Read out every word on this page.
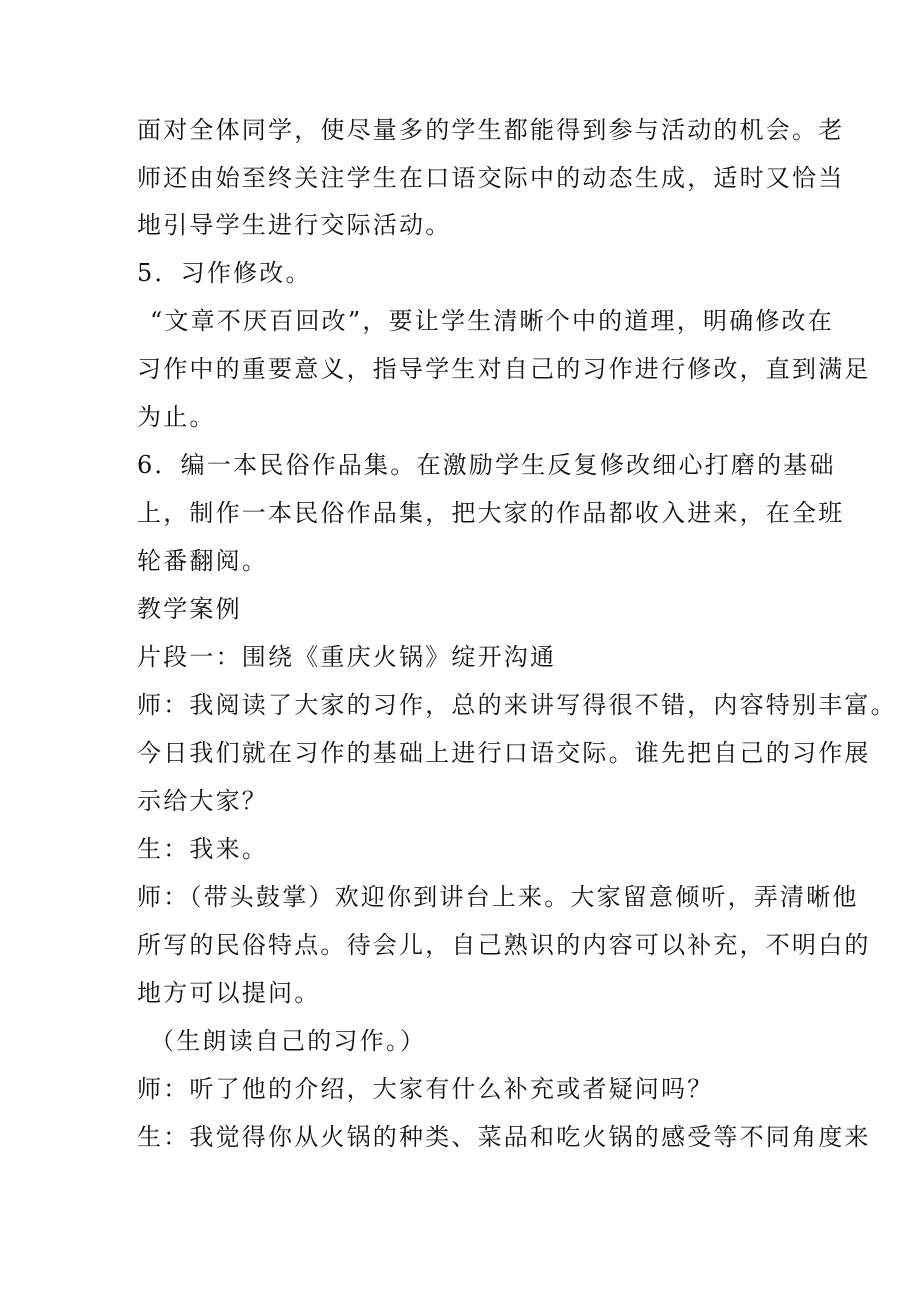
面对全体同学，使尽量多的学生都能得到参与活动的机会。老
师还由始至终关注学生在口语交际中的动态生成，适时又恰当
地引导学生进行交际活动。
5．习作修改。
“文章不厌百回改”，要让学生清晰个中的道理，明确修改在
习作中的重要意义，指导学生对自己的习作进行修改，直到满足
为止。
6．编一本民俗作品集。在激励学生反复修改细心打磨的基础
上，制作一本民俗作品集，把大家的作品都收入进来，在全班
轮番翻阅。
教学案例
片段一：围绕《重庆火锅》绽开沟通
师：我阅读了大家的习作，总的来讲写得很不错，内容特别丰富。
今日我们就在习作的基础上进行口语交际。谁先把自己的习作展
示给大家？
生：我来。
师：（带头鼓掌）欢迎你到讲台上来。大家留意倾听，弄清晰他
所写的民俗特点。待会儿，自己熟识的内容可以补充，不明白的
地方可以提问。
（生朗读自己的习作。）
师：听了他的介绍，大家有什么补充或者疑问吗？
生：我觉得你从火锅的种类、菜品和吃火锅的感受等不同角度来
